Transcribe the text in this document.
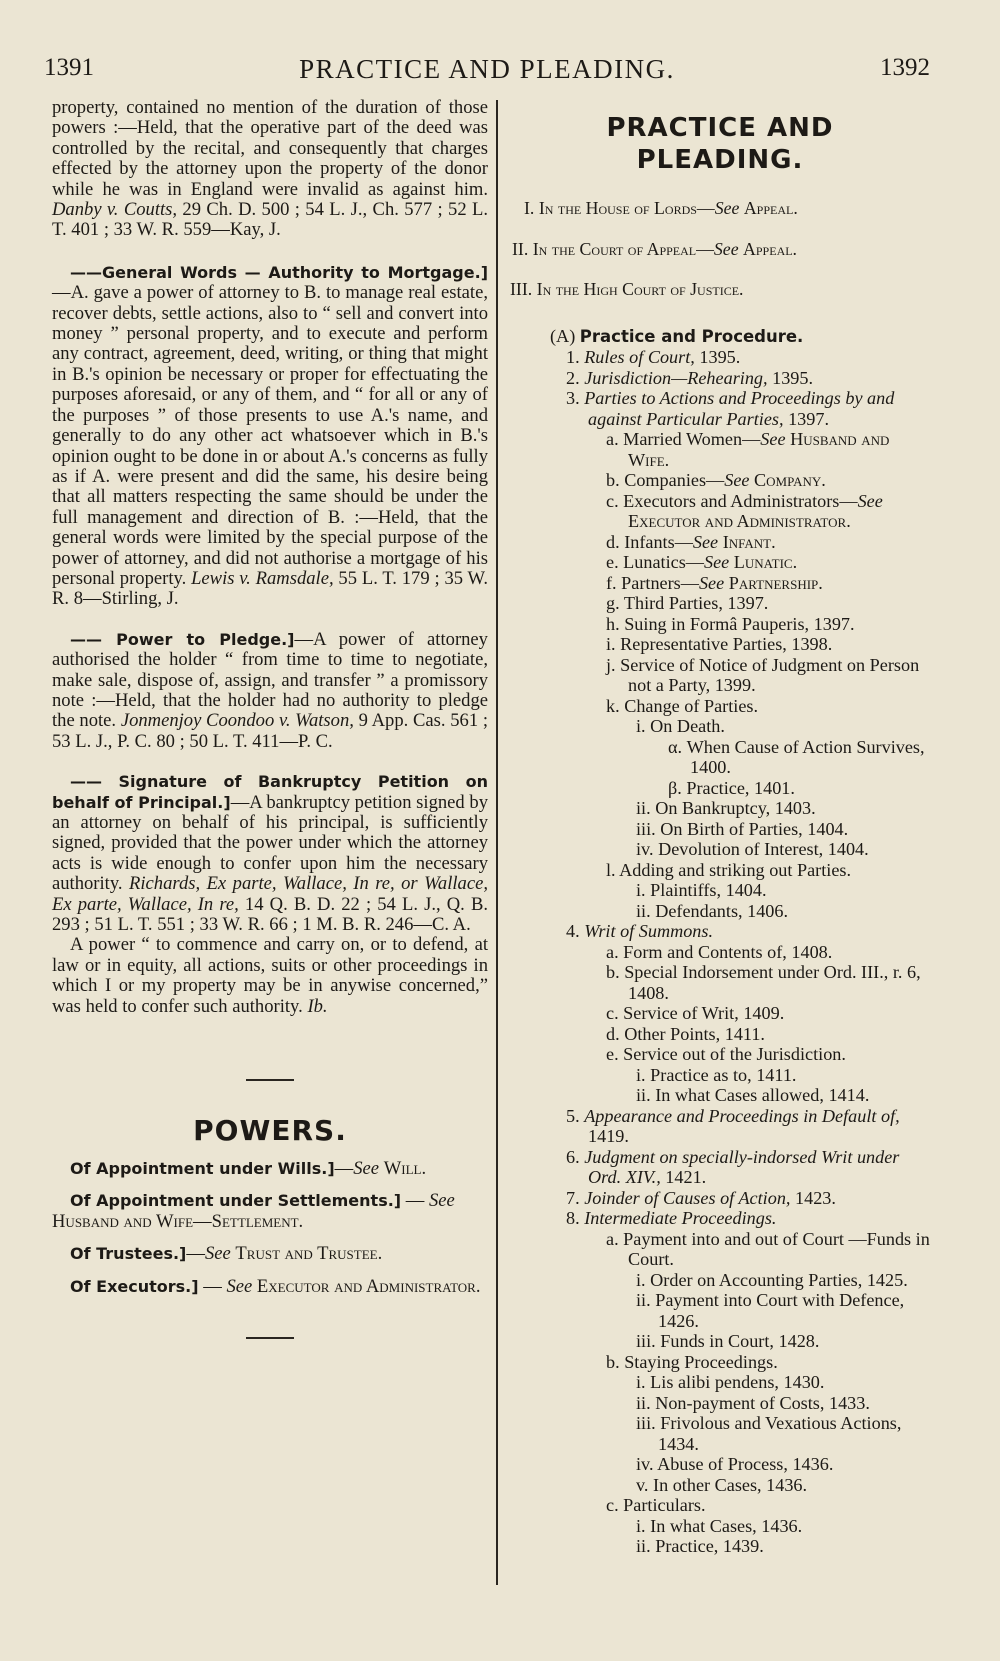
1391	PRACTICE AND PLEADING.	1392

property, contained no mention of the duration of those powers :—Held, that the operative part of the deed was controlled by the recital, and consequently that charges effected by the attorney upon the property of the donor while he was in England were invalid as against him. Danby v. Coutts, 29 Ch. D. 500 ; 54 L. J., Ch. 577 ; 52 L. T. 401 ; 33 W. R. 559—Kay, J.

——General Words — Authority to Mortgage.]—A. gave a power of attorney to B. to manage real estate, recover debts, settle actions, also to “ sell and convert into money ” personal property, and to execute and perform any contract, agreement, deed, writing, or thing that might in B.'s opinion be necessary or proper for effectuating the purposes aforesaid, or any of them, and “ for all or any of the purposes ” of those presents to use A.'s name, and generally to do any other act whatsoever which in B.'s opinion ought to be done in or about A.'s concerns as fully as if A. were present and did the same, his desire being that all matters respecting the same should be under the full management and direction of B. :—Held, that the general words were limited by the special purpose of the power of attorney, and did not authorise a mortgage of his personal property. Lewis v. Ramsdale, 55 L. T. 179 ; 35 W. R. 8—Stirling, J.

—— Power to Pledge.]—A power of attorney authorised the holder “ from time to time to negotiate, make sale, dispose of, assign, and transfer ” a promissory note :—Held, that the holder had no authority to pledge the note. Jonmenjoy Coondoo v. Watson, 9 App. Cas. 561 ; 53 L. J., P. C. 80 ; 50 L. T. 411—P. C.

—— Signature of Bankruptcy Petition on behalf of Principal.]—A bankruptcy petition signed by an attorney on behalf of his principal, is sufficiently signed, provided that the power under which the attorney acts is wide enough to confer upon him the necessary authority. Richards, Ex parte, Wallace, In re, or Wallace, Ex parte, Wallace, In re, 14 Q. B. D. 22 ; 54 L. J., Q. B. 293 ; 51 L. T. 551 ; 33 W. R. 66 ; 1 M. B. R. 246—C. A.

A power “ to commence and carry on, or to defend, at law or in equity, all actions, suits or other proceedings in which I or my property may be in anywise concerned,” was held to confer such authority. Ib.

POWERS.

Of Appointment under Wills.]—See Will.

Of Appointment under Settlements.] — See Husband and Wife—Settlement.

Of Trustees.]—See Trust and Trustee.

Of Executors.] — See Executor and Administrator.

PRACTICE AND
PLEADING.
I. In the House of Lords—See Appeal.
II. In the Court of Appeal—See Appeal.
III. In the High Court of Justice.
(A) Practice and Procedure.
1. Rules of Court, 1395.
2. Jurisdiction—Rehearing, 1395.
3. Parties to Actions and Proceedings by and against Particular Parties, 1397.
a. Married Women—See Husband and Wife.
b. Companies—See Company.
c. Executors and Administrators—See Executor and Administrator.
d. Infants—See Infant.
e. Lunatics—See Lunatic.
f. Partners—See Partnership.
g. Third Parties, 1397.
h. Suing in Formâ Pauperis, 1397.
i. Representative Parties, 1398.
j. Service of Notice of Judgment on Person not a Party, 1399.
k. Change of Parties.
i. On Death.
α. When Cause of Action Survives, 1400.
β. Practice, 1401.
ii. On Bankruptcy, 1403.
iii. On Birth of Parties, 1404.
iv. Devolution of Interest, 1404.
l. Adding and striking out Parties.
i. Plaintiffs, 1404.
ii. Defendants, 1406.
4. Writ of Summons.
a. Form and Contents of, 1408.
b. Special Indorsement under Ord. III., r. 6, 1408.
c. Service of Writ, 1409.
d. Other Points, 1411.
e. Service out of the Jurisdiction.
i. Practice as to, 1411.
ii. In what Cases allowed, 1414.
5. Appearance and Proceedings in Default of, 1419.
6. Judgment on specially-indorsed Writ under Ord. XIV., 1421.
7. Joinder of Causes of Action, 1423.
8. Intermediate Proceedings.
a. Payment into and out of Court —Funds in Court.
i. Order on Accounting Parties, 1425.
ii. Payment into Court with Defence, 1426.
iii. Funds in Court, 1428.
b. Staying Proceedings.
i. Lis alibi pendens, 1430.
ii. Non-payment of Costs, 1433.
iii. Frivolous and Vexatious Actions, 1434.
iv. Abuse of Process, 1436.
v. In other Cases, 1436.
c. Particulars.
i. In what Cases, 1436.
ii. Practice, 1439.
